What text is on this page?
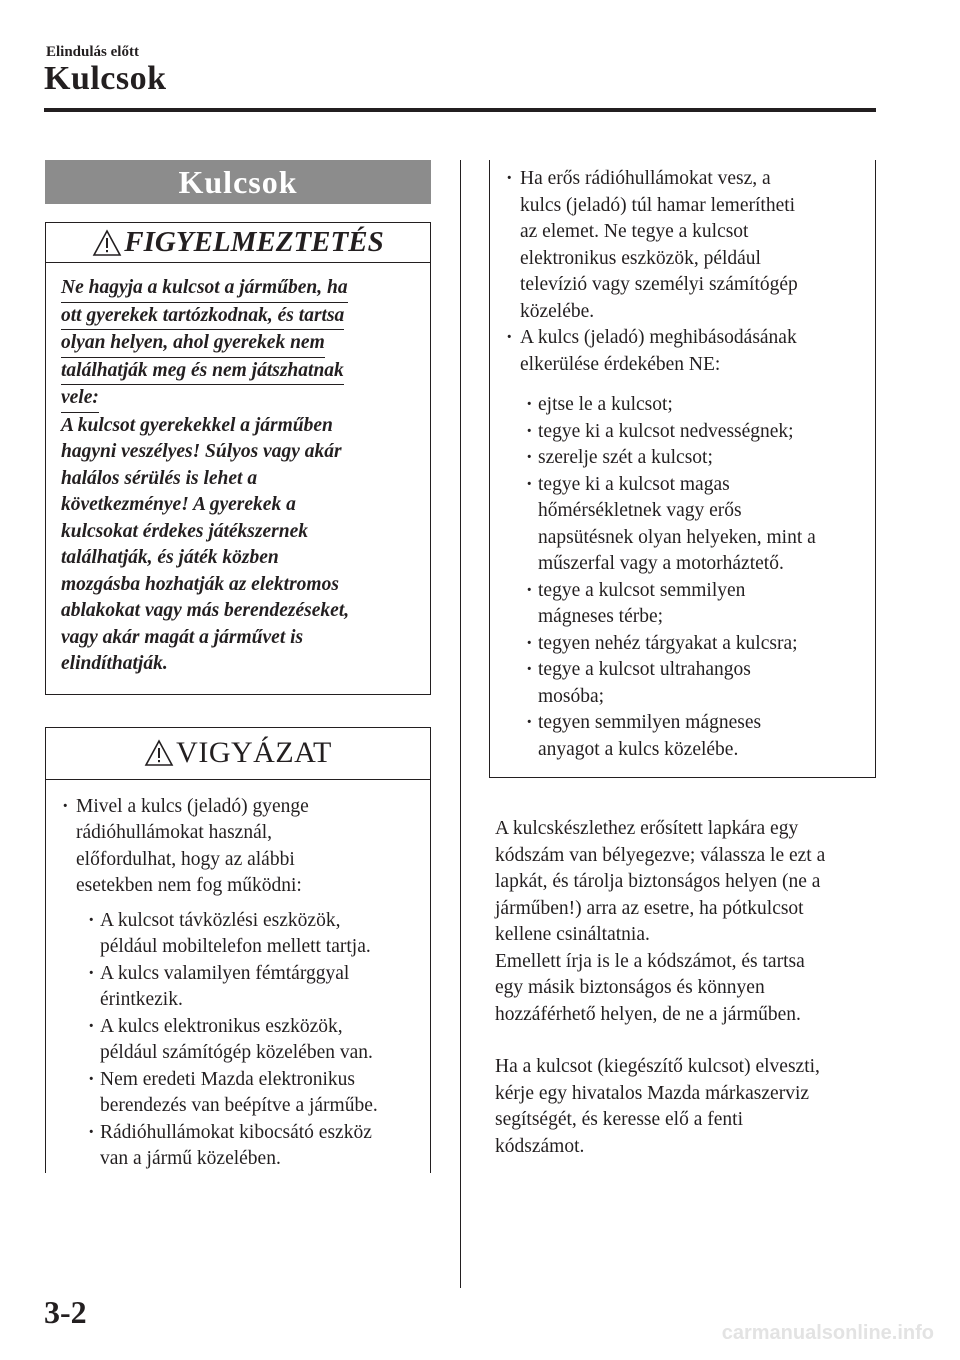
Elindulás előtt
Kulcsok
Kulcsok
FIGYELMEZTETÉS
Ne hagyja a kulcsot a járműben, ha
ott gyerekek tartózkodnak, és tartsa
olyan helyen, ahol gyerekek nem
találhatják meg és nem játszhatnak
vele:
A kulcsot gyerekekkel a járműben
hagyni veszélyes! Súlyos vagy akár
halálos sérülés is lehet a
következménye! A gyerekek a
kulcsokat érdekes játékszernek
találhatják, és játék közben
mozgásba hozhatják az elektromos
ablakokat vagy más berendezéseket,
vagy akár magát a járművet is
elindíthatják.
VIGYÁZAT
· Mivel a kulcs (jeladó) gyenge
rádióhullámokat használ,
előfordulhat, hogy az alábbi
esetekben nem fog működni:
· A kulcsot távközlési eszközök,
például mobiltelefon mellett tartja.
· A kulcs valamilyen fémtárggyal
érintkezik.
· A kulcs elektronikus eszközök,
például számítógép közelében van.
· Nem eredeti Mazda elektronikus
berendezés van beépítve a járműbe.
· Rádióhullámokat kibocsátó eszköz
van a jármű közelében.
· Ha erős rádióhullámokat vesz, a
kulcs (jeladó) túl hamar lemerítheti
az elemet. Ne tegye a kulcsot
elektronikus eszközök, például
televízió vagy személyi számítógép
közelébe.
· A kulcs (jeladó) meghibásodásának
elkerülése érdekében NE:
· ejtse le a kulcsot;
· tegye ki a kulcsot nedvességnek;
· szerelje szét a kulcsot;
· tegye ki a kulcsot magas
hőmérsékletnek vagy erős
napsütésnek olyan helyeken, mint a
műszerfal vagy a motorháztető.
· tegye a kulcsot semmilyen
mágneses térbe;
· tegyen nehéz tárgyakat a kulcsra;
· tegye a kulcsot ultrahangos
mosóba;
· tegyen semmilyen mágneses
anyagot a kulcs közelébe.
A kulcskészlethez erősített lapkára egy
kódszám van bélyegezve; válassza le ezt a
lapkát, és tárolja biztonságos helyen (ne a
járműben!) arra az esetre, ha pótkulcsot
kellene csináltatnia.
Emellett írja is le a kódszámot, és tartsa
egy másik biztonságos és könnyen
hozzáférhető helyen, de ne a járműben.
Ha a kulcsot (kiegészítő kulcsot) elveszti,
kérje egy hivatalos Mazda márkaszerviz
segítségét, és keresse elő a fenti
kódszámot.
3-2
carmanualsonline.info
